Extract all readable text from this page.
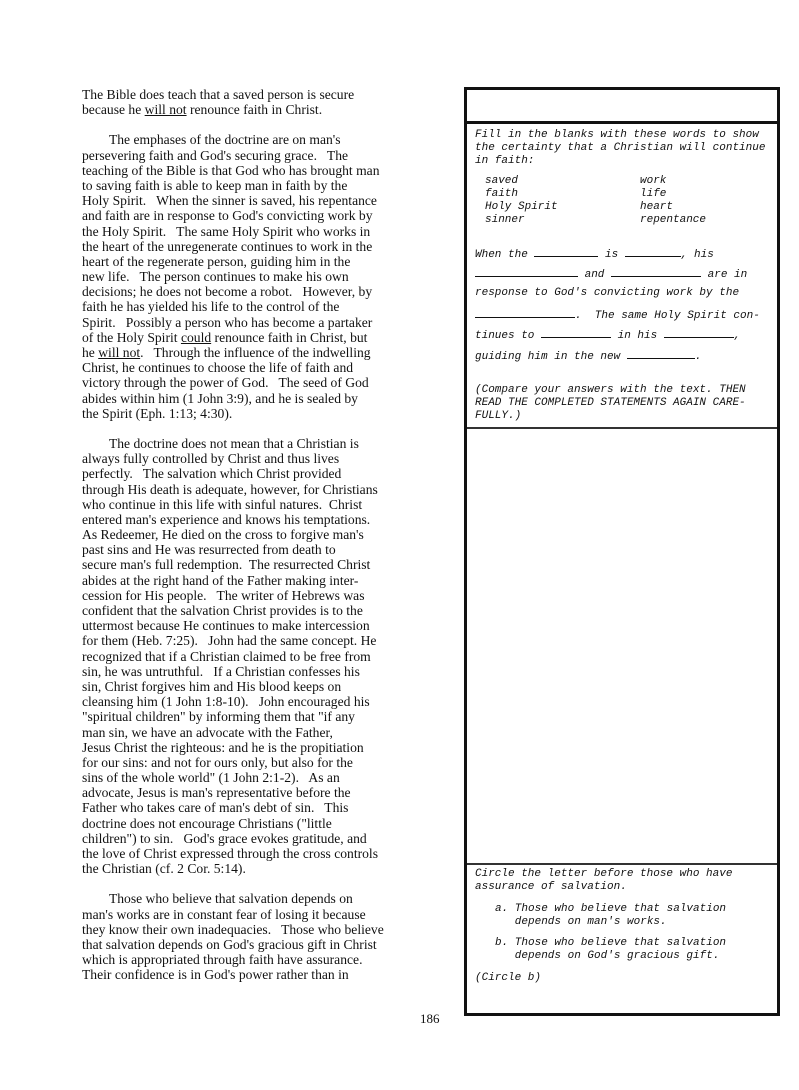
The Bible does teach that a saved person is secure
because he will not renounce faith in Christ.
The emphases of the doctrine are on man's
persevering faith and God's securing grace.   The
teaching of the Bible is that God who has brought man
to saving faith is able to keep man in faith by the
Holy Spirit.   When the sinner is saved, his repentance
and faith are in response to God's convicting work by
the Holy Spirit.   The same Holy Spirit who works in
the heart of the unregenerate continues to work in the
heart of the regenerate person, guiding him in the
new life.   The person continues to make his own
decisions; he does not become a robot.   However, by
faith he has yielded his life to the control of the
Spirit.   Possibly a person who has become a partaker
of the Holy Spirit could renounce faith in Christ, but
he will not.   Through the influence of the indwelling
Christ, he continues to choose the life of faith and
victory through the power of God.   The seed of God
abides within him (1 John 3:9), and he is sealed by
the Spirit (Eph. 1:13; 4:30).
The doctrine does not mean that a Christian is
always fully controlled by Christ and thus lives
perfectly.   The salvation which Christ provided
through His death is adequate, however, for Christians
who continue in this life with sinful natures.  Christ
entered man's experience and knows his temptations.
As Redeemer, He died on the cross to forgive man's
past sins and He was resurrected from death to
secure man's full redemption.  The resurrected Christ
abides at the right hand of the Father making inter-
cession for His people.   The writer of Hebrews was
confident that the salvation Christ provides is to the
uttermost because He continues to make intercession
for them (Heb. 7:25).   John had the same concept. He
recognized that if a Christian claimed to be free from
sin, he was untruthful.   If a Christian confesses his
sin, Christ forgives him and His blood keeps on
cleansing him (1 John 1:8-10).   John encouraged his
"spiritual children" by informing them that "if any
man sin, we have an advocate with the Father,
Jesus Christ the righteous: and he is the propitiation
for our sins: and not for ours only, but also for the
sins of the whole world" (1 John 2:1-2).   As an
advocate, Jesus is man's representative before the
Father who takes care of man's debt of sin.   This
doctrine does not encourage Christians ("little
children") to sin.   God's grace evokes gratitude, and
the love of Christ expressed through the cross controls
the Christian (cf. 2 Cor. 5:14).
Those who believe that salvation depends on
man's works are in constant fear of losing it because
they know their own inadequacies.   Those who believe
that salvation depends on God's gracious gift in Christ
which is appropriated through faith have assurance.
Their confidence is in God's power rather than in
Fill in the blanks with these words to show
the certainty that a Christian will continue
in faith:
saved
faith
Holy Spirit
sinner
work
life
heart
repentance
When the	is	, his
and	are in
response to God's convicting work by the
.  The same Holy Spirit con-
tinues to	in his	,
guiding him in the new	.
(Compare your answers with the text. THEN
READ THE COMPLETED STATEMENTS AGAIN CARE-
FULLY.)
Circle the letter before those who have
assurance of salvation.
a. Those who believe that salvation
depends on man's works.
b. Those who believe that salvation
depends on God's gracious gift.
(Circle b)
186
